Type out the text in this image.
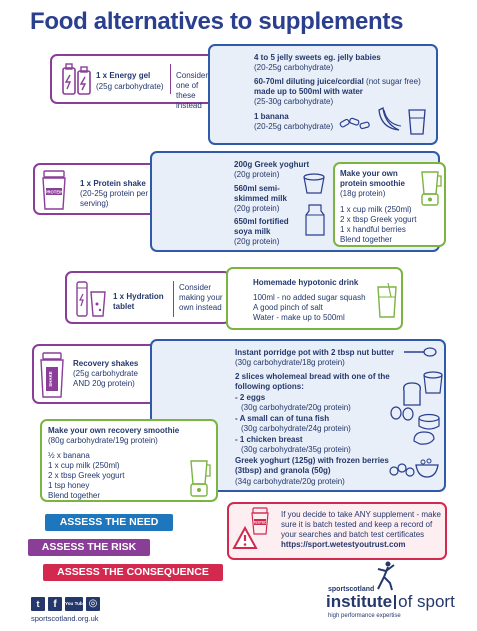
Food alternatives to supplements
1 x Energy gel
(25g carbohydrate)
Consider one of these instead
4 to 5 jelly sweets eg. jelly babies
(20-25g carbohydrate)
60-70ml diluting juice/cordial (not sugar free)
made up to 500ml with water
(25-30g carbohydrate)
1 banana
(20-25g carbohydrate)
PROTEIN
1 x Protein shake
(20-25g protein per serving)
200g Greek yoghurt
(20g protein)
560ml semi-skimmed milk
(20g protein)
650ml fortified soya milk
(20g protein)
Make your own protein smoothie
(18g protein)
1 x cup milk (250ml)
2 x tbsp Greek yogurt
1 x handful berries
Blend together
1 x Hydration tablet
Consider making your own instead
Homemade hypotonic drink
100ml - no added sugar squash
A good pinch of salt
Water - make up to 500ml
SHAKE
Recovery shakes
(25g carbohydrate AND 20g protein)
Instant porridge pot with 2 tbsp nut butter
(30g carbohydrate/18g protein)
2 slices wholemeal bread with one of the following options:
- 2 eggs
(30g carbohydrate/20g protein)
- A small can of tuna fish
(30g carbohydrate/24g protein)
- 1 chicken breast
(30g carbohydrate/35g protein)
Greek yoghurt (125g) with frozen berries (3tbsp) and granola (50g)
(34g carbohydrate/20g protein)
Make your own recovery smoothie
(80g carbohydrate/19g protein)
½ x banana
1 x cup milk (250ml)
2 x tbsp Greek yogurt
1 tsp honey
Blend together
ASSESS THE NEED
ASSESS THE RISK
ASSESS THE CONSEQUENCE
TESTED
If you decide to take ANY supplement - make sure it is batch tested and keep a record of your searches and batch test certificates
https://sport.wetestyoutrust.com
t	f	You Tube ◎
sportscotland.org.uk
sportscotland
institute of sport
high performance expertise
